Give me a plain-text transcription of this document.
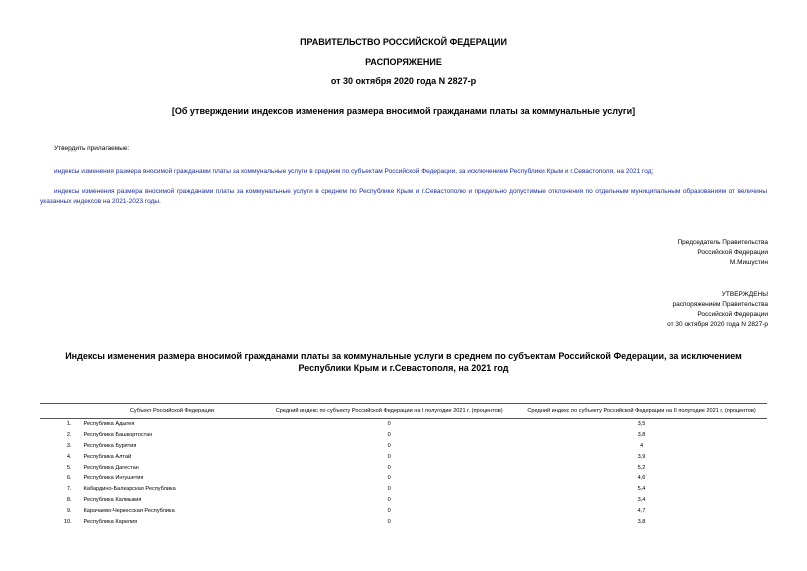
ПРАВИТЕЛЬСТВО РОССИЙСКОЙ ФЕДЕРАЦИИ
РАСПОРЯЖЕНИЕ
от 30 октября 2020 года N 2827-р
[Об утверждении индексов изменения размера вносимой гражданами платы за коммунальные услуги]
Утвердить прилагаемые:
индексы изменения размера вносимой гражданами платы за коммунальные услуги в среднем по субъектам Российской Федерации, за исключением Республики Крым и г.Севастополя, на 2021 год;
индексы изменения размера вносимой гражданами платы за коммунальные услуги в среднем по Республике Крым и г.Севастополю и предельно допустимые отклонения по отдельным муниципальным образованиям от величины указанных индексов на 2021-2023 годы.
Председатель Правительства
Российской Федерации
М.Мишустин
УТВЕРЖДЕНЫ
распоряжением Правительства
Российской Федерации
от 30 октября 2020 года N 2827-р
Индексы изменения размера вносимой гражданами платы за коммунальные услуги в среднем по субъектам Российской Федерации, за исключением Республики Крым и г.Севастополя, на 2021 год
	Субъект Российской Федерации	Средний индекс по субъекту Российской Федерации на I полугодие 2021 г. (процентов)	Средний индекс по субъекту Российской Федерации на II полугодие 2021 г. (процентов)
1.	Республика Адыгея	0	3,5
2.	Республика Башкортостан	0	3,8
3.	Республика Бурятия	0	4
4.	Республика Алтай	0	3,9
5.	Республика Дагестан	0	5,2
6.	Республика Ингушетия	0	4,6
7.	Кабардино-Балкарская Республика	0	5,4
8.	Республика Калмыкия	0	3,4
9.	Карачаево-Черкесская Республика	0	4,7
10.	Республика Карелия	0	3,8
